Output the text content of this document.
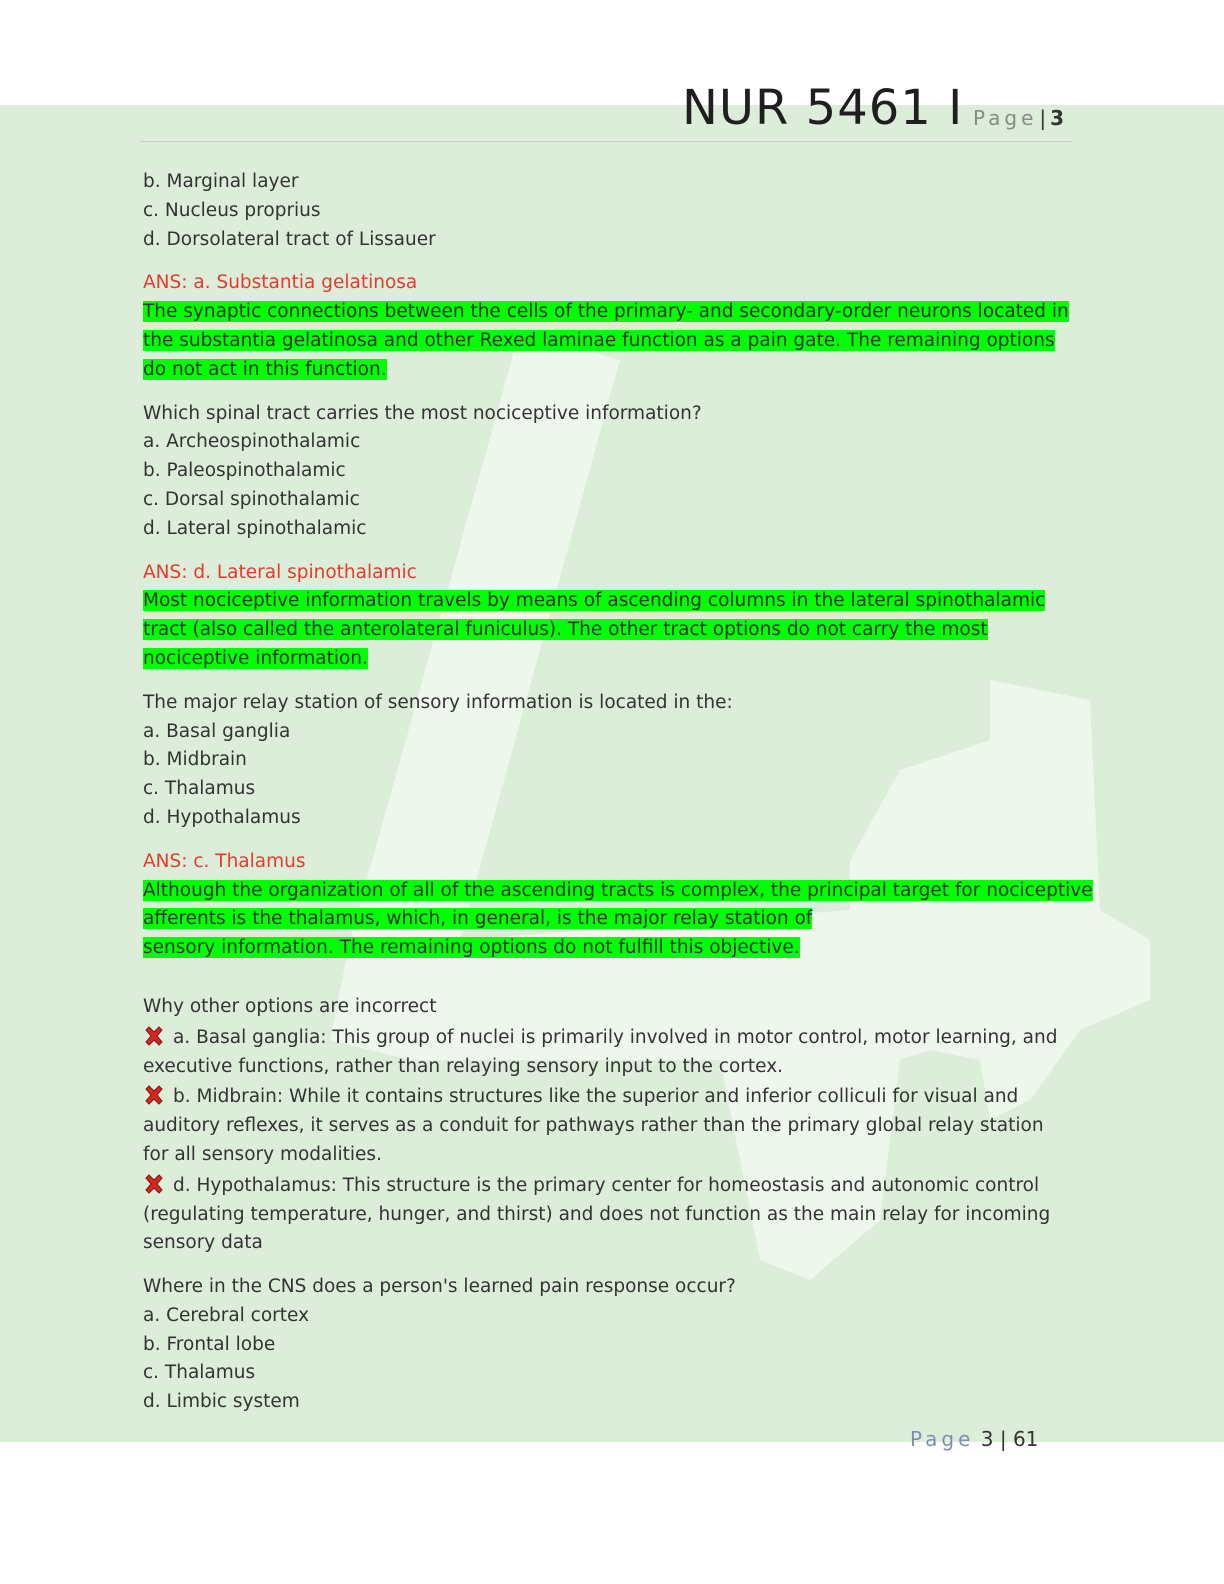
NUR 5461 I Page | 3
b. Marginal layer
c. Nucleus proprius
d. Dorsolateral tract of Lissauer
ANS: a. Substantia gelatinosa
The synaptic connections between the cells of the primary- and secondary-order neurons located in the substantia gelatinosa and other Rexed laminae function as a pain gate. The remaining options do not act in this function.
Which spinal tract carries the most nociceptive information?
a. Archeospinothalamic
b. Paleospinothalamic
c. Dorsal spinothalamic
d. Lateral spinothalamic
ANS: d. Lateral spinothalamic
Most nociceptive information travels by means of ascending columns in the lateral spinothalamic tract (also called the anterolateral funiculus). The other tract options do not carry the most nociceptive information.
The major relay station of sensory information is located in the:
a. Basal ganglia
b. Midbrain
c. Thalamus
d. Hypothalamus
ANS: c. Thalamus
Although the organization of all of the ascending tracts is complex, the principal target for nociceptive
afferents is the thalamus, which, in general, is the major relay station of
sensory information. The remaining options do not fulfill this objective.
Why other options are incorrect
a. Basal ganglia: This group of nuclei is primarily involved in motor control, motor learning, and executive functions, rather than relaying sensory input to the cortex.
b. Midbrain: While it contains structures like the superior and inferior colliculi for visual and auditory reflexes, it serves as a conduit for pathways rather than the primary global relay station for all sensory modalities.
d. Hypothalamus: This structure is the primary center for homeostasis and autonomic control (regulating temperature, hunger, and thirst) and does not function as the main relay for incoming sensory data
Where in the CNS does a person's learned pain response occur?
a. Cerebral cortex
b. Frontal lobe
c. Thalamus
d. Limbic system
Page 3 | 61
